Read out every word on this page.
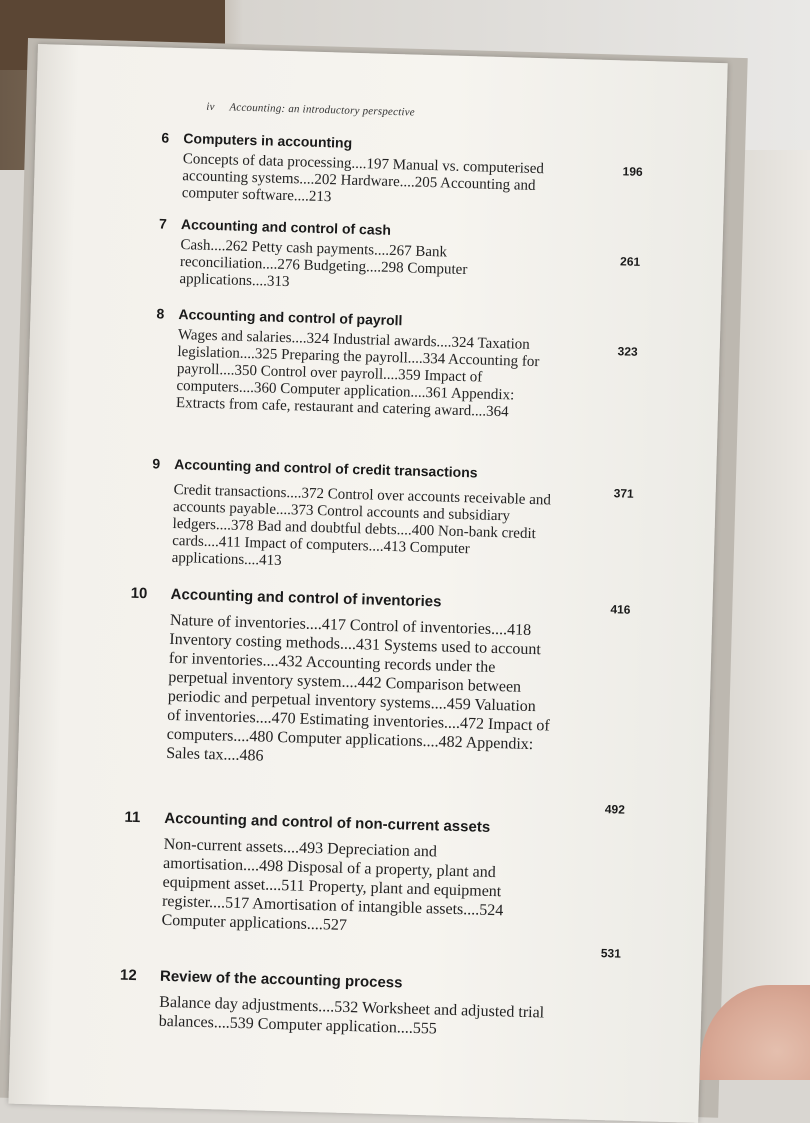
iv Accounting: an introductory perspective
6 Computers in accounting
196

Concepts of data processing....197 Manual vs. computerised accounting systems....202 Hardware....205 Accounting and computer software....213

7 Accounting and control of cash
261

Cash....262 Petty cash payments....267 Bank reconciliation....276 Budgeting....298 Computer applications....313

8 Accounting and control of payroll
323

Wages and salaries....324 Industrial awards....324 Taxation legislation....325 Preparing the payroll....334 Accounting for payroll....350 Control over payroll....359 Impact of computers....360 Computer application....361 Appendix: Extracts from cafe, restaurant and catering award....364

9 Accounting and control of credit transactions
371

Credit transactions....372 Control over accounts receivable and accounts payable....373 Control accounts and subsidiary ledgers....378 Bad and doubtful debts....400 Non-bank credit cards....411 Impact of computers....413 Computer applications....413

10 Accounting and control of inventories	416

Nature of inventories....417 Control of inventories....418 Inventory costing methods....431 Systems used to account for inventories....432 Accounting records under the perpetual inventory system....442 Comparison between periodic and perpetual inventory systems....459 Valuation of inventories....470 Estimating inventories....472 Impact of computers....480 Computer applications....482 Appendix: Sales tax....486

11 Accounting and control of non-current assets
492

Non-current assets....493 Depreciation and amortisation....498 Disposal of a property, plant and equipment asset....511 Property, plant and equipment register....517 Amortisation of intangible assets....524 Computer applications....527

12 Review of the accounting process
531

Balance day adjustments....532 Worksheet and adjusted trial balances....539 Computer application....555
